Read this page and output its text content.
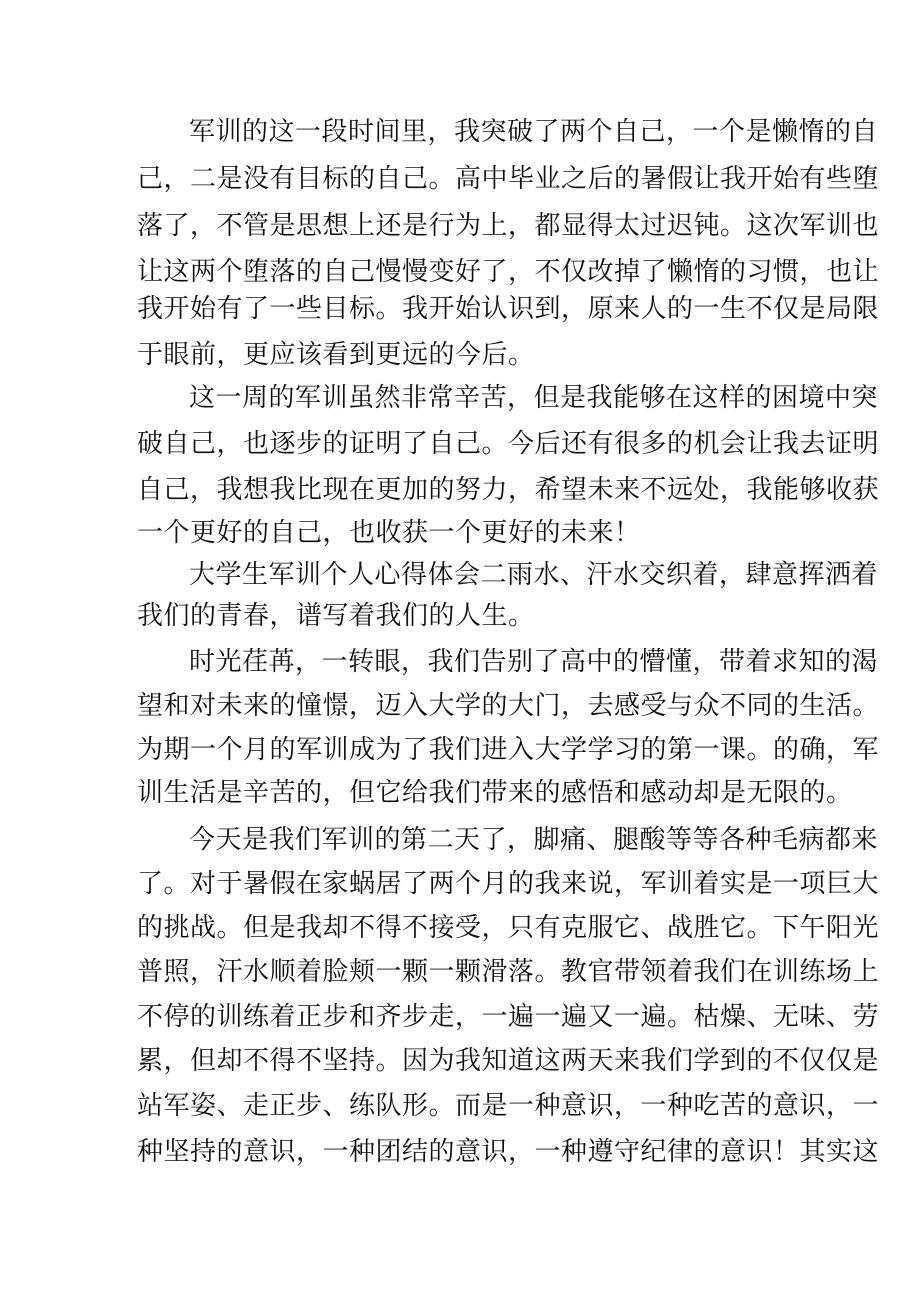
军训的这一段时间里，我突破了两个自己，一个是懒惰的自
己，二是没有目标的自己。高中毕业之后的暑假让我开始有些堕
落了，不管是思想上还是行为上，都显得太过迟钝。这次军训也
让这两个堕落的自己慢慢变好了，不仅改掉了懒惰的习惯，也让
我开始有了一些目标。我开始认识到，原来人的一生不仅是局限
于眼前，更应该看到更远的今后。
这一周的军训虽然非常辛苦，但是我能够在这样的困境中突
破自己，也逐步的证明了自己。今后还有很多的机会让我去证明
自己，我想我比现在更加的努力，希望未来不远处，我能够收获
一个更好的自己，也收获一个更好的未来！
大学生军训个人心得体会二雨水、汗水交织着，肆意挥洒着
我们的青春，谱写着我们的人生。
时光荏苒，一转眼，我们告别了高中的懵懂，带着求知的渴
望和对未来的憧憬，迈入大学的大门，去感受与众不同的生活。
为期一个月的军训成为了我们进入大学学习的第一课。的确，军
训生活是辛苦的，但它给我们带来的感悟和感动却是无限的。
今天是我们军训的第二天了，脚痛、腿酸等等各种毛病都来
了。对于暑假在家蜗居了两个月的我来说，军训着实是一项巨大
的挑战。但是我却不得不接受，只有克服它、战胜它。下午阳光
普照，汗水顺着脸颊一颗一颗滑落。教官带领着我们在训练场上
不停的训练着正步和齐步走，一遍一遍又一遍。枯燥、无味、劳
累，但却不得不坚持。因为我知道这两天来我们学到的不仅仅是
站军姿、走正步、练队形。而是一种意识，一种吃苦的意识，一
种坚持的意识，一种团结的意识，一种遵守纪律的意识！其实这
